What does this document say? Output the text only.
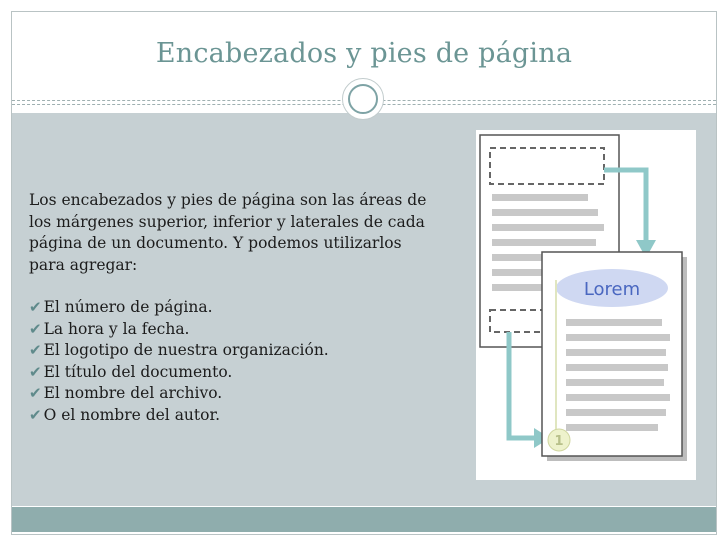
Encabezados y pies de página

Los encabezados y pies de página son las áreas de los márgenes superior, inferior y laterales de cada página de un documento. Y podemos utilizarlos para agregar:

✔ El número de página.
✔ La hora y la fecha.
✔ El logotipo de nuestra organización.
✔ El título del documento.
✔ El nombre del archivo.
✔ O el nombre del autor.
Lorem
1
